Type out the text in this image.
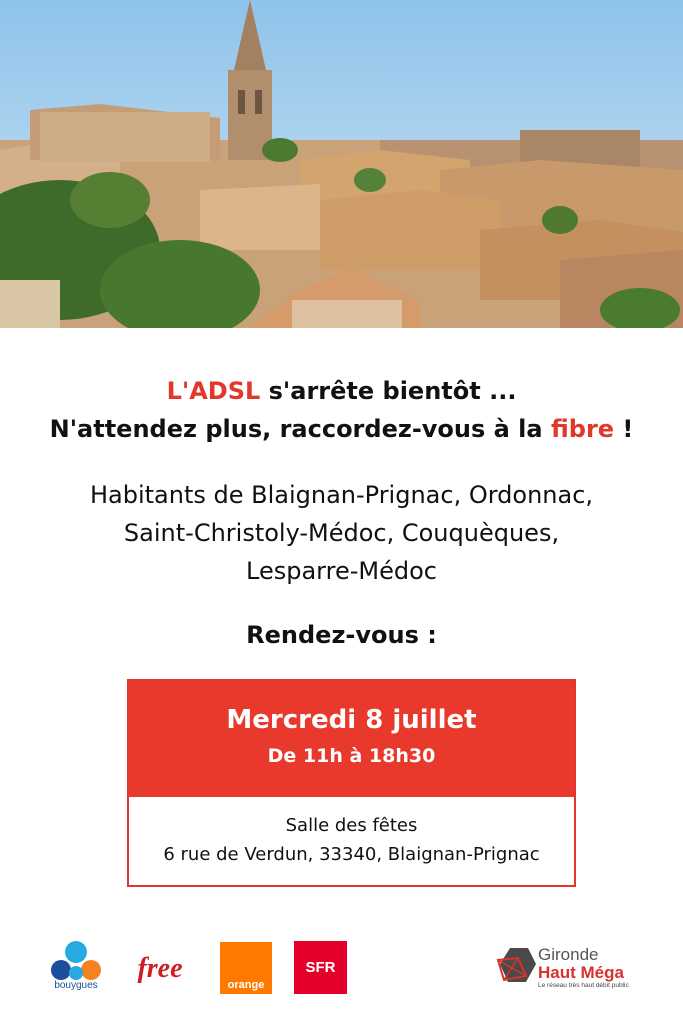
L'ADSL s'arrête bientôt ...
N'attendez plus, raccordez-vous à la fibre !
Habitants de Blaignan-Prignac, Ordonnac,
Saint-Christoly-Médoc, Couquèques,
Lesparre-Médoc
Rendez-vous :
Mercredi 8 juillet
De 11h à 18h30
Salle des fêtes
6 rue de Verdun, 33340, Blaignan-Prignac
bouygues
free
orange
SFR
Gironde
Haut Méga
Le réseau très haut débit public
